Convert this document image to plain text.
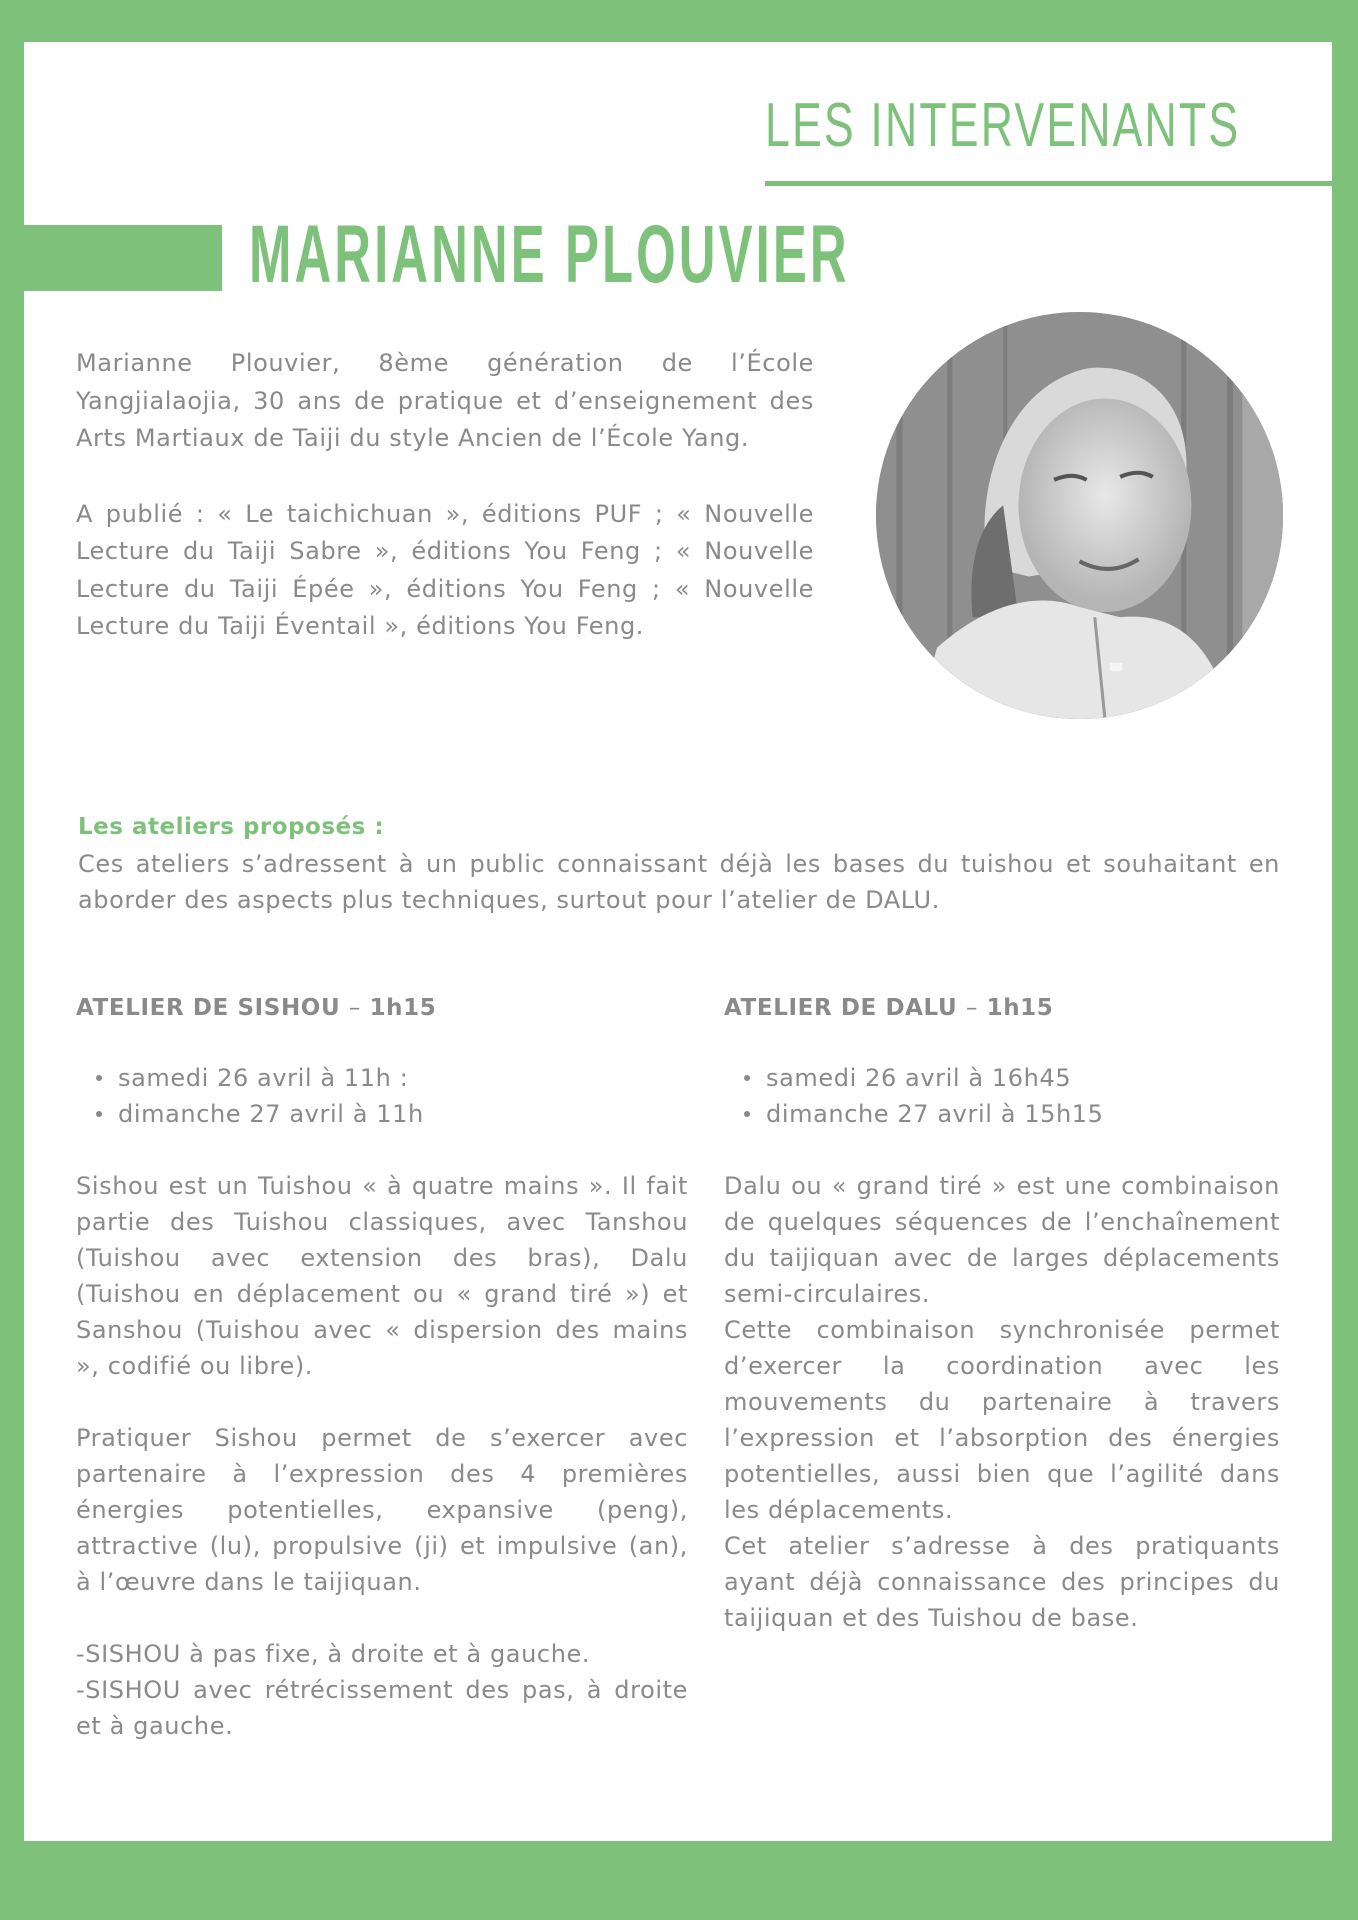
LES INTERVENANTS
MARIANNE PLOUVIER

Marianne Plouvier, 8ème génération de l’École Yangjialaojia, 30 ans de pratique et d’enseignement des Arts Martiaux de Taiji du style Ancien de l’École Yang.

A publié : « Le taichichuan », éditions PUF ; « Nouvelle Lecture du Taiji Sabre », éditions You Feng ; « Nouvelle Lecture du Taiji Épée », éditions You Feng ; « Nouvelle Lecture du Taiji Éventail », éditions You Feng.

Les ateliers proposés :

Ces ateliers s’adressent à un public connaissant déjà les bases du tuishou et souhaitant en aborder des aspects plus techniques, surtout pour l’atelier de DALU.

ATELIER DE SISHOU – 1h15
samedi 26 avril à 11h :
dimanche 27 avril à 11h

Sishou est un Tuishou « à quatre mains ». Il fait partie des Tuishou classiques, avec Tanshou (Tuishou avec extension des bras), Dalu (Tuishou en déplacement ou « grand tiré ») et Sanshou (Tuishou avec « dispersion des mains », codifié ou libre).

Pratiquer Sishou permet de s’exercer avec partenaire à l’expression des 4 premières énergies potentielles, expansive (peng), attractive (lu), propulsive (ji) et impulsive (an), à l’œuvre dans le taijiquan.

-SISHOU à pas fixe, à droite et à gauche.

-SISHOU avec rétrécissement des pas, à droite et à gauche.

ATELIER DE DALU – 1h15
samedi 26 avril à 16h45
dimanche 27 avril à 15h15

Dalu ou « grand tiré » est une combinaison de quelques séquences de l’enchaînement du taijiquan avec de larges déplacements semi-circulaires.

Cette combinaison synchronisée permet d’exercer la coordination avec les mouvements du partenaire à travers l’expression et l’absorption des énergies potentielles, aussi bien que l’agilité dans les déplacements.

Cet atelier s’adresse à des pratiquants ayant déjà connaissance des principes du taijiquan et des Tuishou de base.
